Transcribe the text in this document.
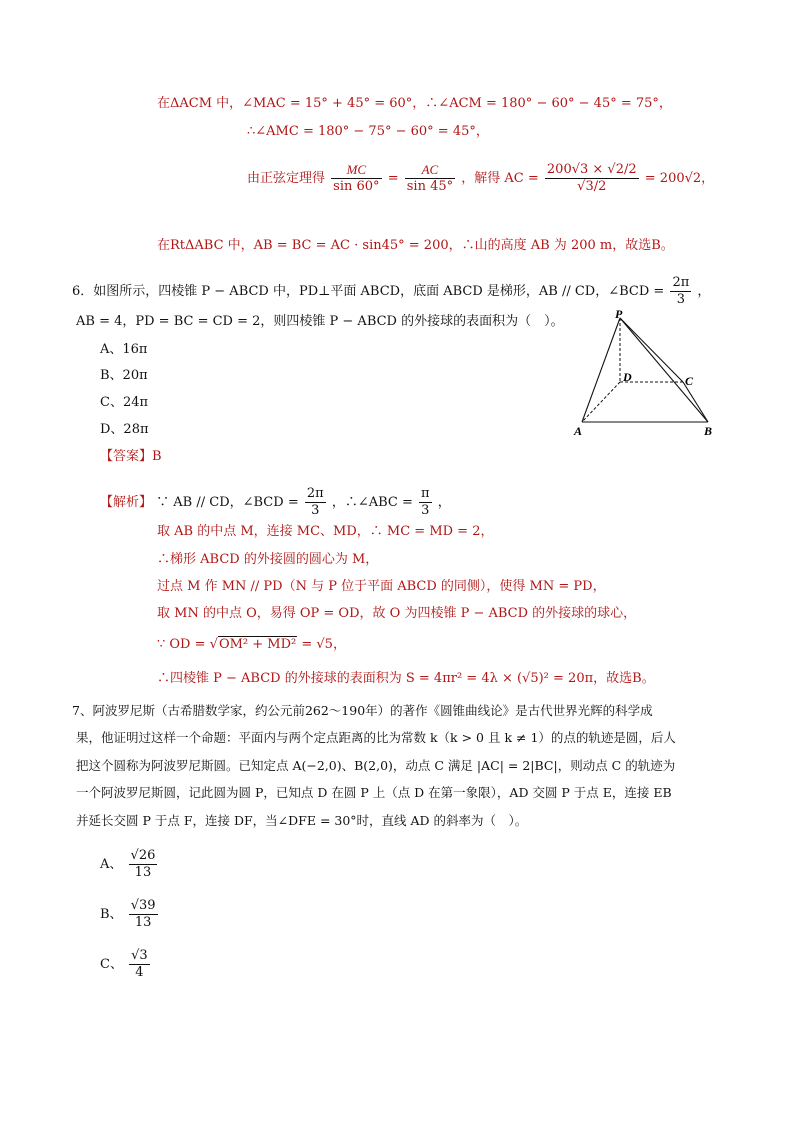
在ΔACM 中，∠MAC = 15° + 45° = 60°，∴∠ACM = 180° − 60° − 45° = 75°，
∴∠AMC = 180° − 75° − 60° = 45°，
由正弦定理得 $\frac{MC}{\sin 60^\circ} = \frac{AC}{\sin 45^\circ}$ ，解得 AC = $\frac{200√3 \times √2/2}{√3/2} = 200√2$，
在RtΔABC 中，AB = BC = AC · sin45° = 200，∴山的高度 AB 为 200 m，故选B。
6．如图所示，四棱锥 P − ABCD 中，PD⊥平面 ABCD，底面 ABCD 是梯形，AB // CD，∠BCD = $\frac{2\pi}{3}$ ，
AB = 4，PD = BC = CD = 2，则四棱锥 P − ABCD 的外接球的表面积为（　）。
A、16π
B、20π
C、24π
D、28π
P
D	C
A	B
【答案】B
【解析】 ∵ AB // CD，∠BCD = $\frac{2\pi}{3}$ ，∴∠ABC = $\frac{\pi}{3}$ ，
取 AB 的中点 M，连接 MC、MD，∴ MC = MD = 2，
∴梯形 ABCD 的外接圆的圆心为 M，
过点 M 作 MN // PD（N 与 P 位于平面 ABCD 的同侧），使得 MN = PD，
取 MN 的中点 O，易得 OP = OD，故 O 为四棱锥 P − ABCD 的外接球的球心，
∵ OD = √OM² + MD² = √5，
∴四棱锥 P − ABCD 的外接球的表面积为 S = 4πr² = 4λ × (√5)² = 20π，故选B。
7、阿波罗尼斯（古希腊数学家，约公元前262～190年）的著作《圆锥曲线论》是古代世界光辉的科学成
果，他证明过这样一个命题：平面内与两个定点距离的比为常数 k（k > 0 且 k ≠ 1）的点的轨迹是圆，后人
把这个圆称为阿波罗尼斯圆。已知定点 A(−2,0)、B(2,0)，动点 C 满足 |AC| = 2|BC|，则动点 C 的轨迹为
一个阿波罗尼斯圆，记此圆为圆 P，已知点 D 在圆 P 上（点 D 在第一象限），AD 交圆 P 于点 E，连接 EB
并延长交圆 P 于点 F，连接 DF，当∠DFE = 30°时，直线 AD 的斜率为（　）。
A、 $\frac{√26}{13}$
B、 $\frac{√39}{13}$
C、 $\frac{√3}{4}$
